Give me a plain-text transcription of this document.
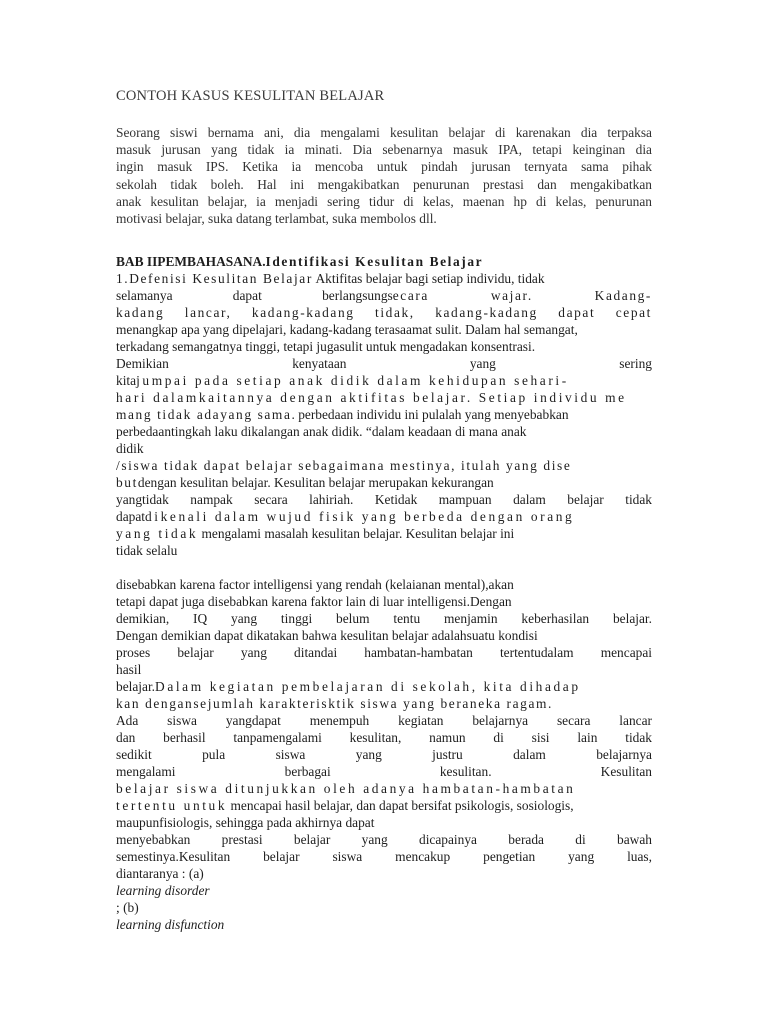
CONTOH KASUS KESULITAN BELAJAR
Seorang siswi bernama ani, dia mengalami kesulitan belajar di karenakan dia terpaksa
masuk jurusan yang tidak ia minati. Dia sebenarnya masuk IPA, tetapi keinginan dia
ingin masuk IPS. Ketika ia mencoba untuk pindah jurusan ternyata sama pihak
sekolah tidak boleh. Hal ini mengakibatkan penurunan prestasi dan mengakibatkan
anak kesulitan belajar, ia menjadi sering tidur di kelas, maenan hp di kelas, penurunan
motivasi belajar, suka datang terlambat, suka membolos dll.
BAB IIPEMBAHASANA.Identifikasi Kesulitan Belajar
1.Defenisi Kesulitan Belajar Aktifitas belajar bagi setiap individu, tidak
selamanya dapat berlangsungsecara wajar. Kadang-
kadang lancar, kadang-kadang tidak, kadang-kadang dapat cepat
menangkap apa yang dipelajari, kadang-kadang terasaamat sulit. Dalam hal semangat,
terkadang semangatnya tinggi, tetapi jugasulit untuk mengadakan konsentrasi.
Demikian kenyataan yang sering
kitajumpai pada setiap anak didik dalam kehidupan sehari-
hari dalamkaitannya dengan aktifitas belajar. Setiap individu me
mang tidak adayang sama. perbedaan individu ini pulalah yang menyebabkan
perbedaantingkah laku dikalangan anak didik. “dalam keadaan di mana anak
didik
/siswa tidak dapat belajar sebagaimana mestinya, itulah yang dise
butdengan kesulitan belajar. Kesulitan belajar merupakan kekurangan
yangtidak nampak secara lahiriah. Ketidak mampuan dalam belajar tidak
dapatdikenali dalam wujud fisik yang berbeda dengan orang
yang tidak mengalami masalah kesulitan belajar. Kesulitan belajar ini
tidak selalu
disebabkan karena factor intelligensi yang rendah (kelaianan mental),akan
tetapi dapat juga disebabkan karena faktor lain di luar intelligensi.Dengan
demikian, IQ yang tinggi belum tentu menjamin keberhasilan belajar.
Dengan demikian dapat dikatakan bahwa kesulitan belajar adalahsuatu kondisi
proses belajar yang ditandai hambatan-hambatan tertentudalam mencapai
hasil
belajar.Dalam kegiatan pembelajaran di sekolah, kita dihadap
kan dengansejumlah karakterisktik siswa yang beraneka ragam.
Ada siswa yangdapat menempuh kegiatan belajarnya secara lancar
dan berhasil tanpamengalami kesulitan, namun di sisi lain tidak
sedikit pula siswa yang justru dalam belajarnya
mengalami berbagai kesulitan. Kesulitan
belajar siswa ditunjukkan oleh adanya hambatan-hambatan
tertentu untuk mencapai hasil belajar, dan dapat bersifat psikologis, sosiologis,
maupunfisiologis, sehingga pada akhirnya dapat
menyebabkan prestasi belajar yang dicapainya berada di bawah
semestinya.Kesulitan belajar siswa mencakup pengetian yang luas,
diantaranya : (a)
learning disorder
; (b)
learning disfunction
